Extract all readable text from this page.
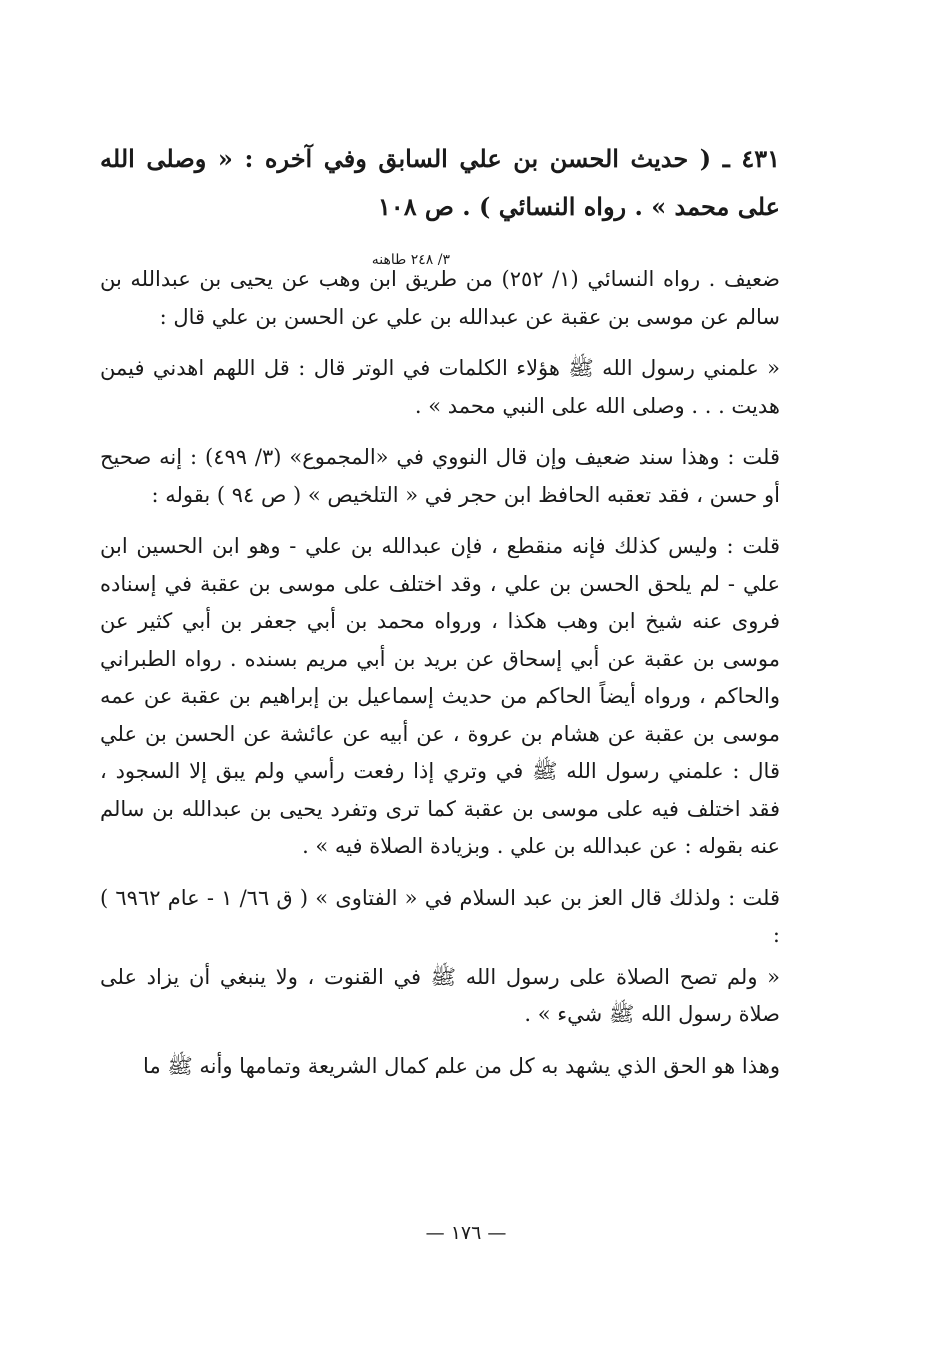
٤٣١ ـ ( حديث الحسن بن علي السابق وفي آخره : « وصلى الله على محمد » . رواه النسائي ) . ص ١٠٨
٣/ ٢٤٨ طاهنه

ضعيف . رواه النسائي (١/ ٢٥٢) من طريق ابن وهب عن يحيى بن عبدالله بن سالم عن موسى بن عقبة عن عبدالله بن علي عن الحسن بن علي قال :

« علمني رسول الله ﷺ هؤلاء الكلمات في الوتر قال : قل اللهم اهدني فيمن هديت . . . وصلى الله على النبي محمد » .

قلت : وهذا سند ضعيف وإن قال النووي في «المجموع» (٣/ ٤٩٩) : إنه صحيح أو حسن ، فقد تعقبه الحافظ ابن حجر في « التلخيص » ( ص ٩٤ ) بقوله :

قلت : وليس كذلك فإنه منقطع ، فإن عبدالله بن علي - وهو ابن الحسين ابن علي - لم يلحق الحسن بن علي ، وقد اختلف على موسى بن عقبة في إسناده فروى عنه شيخ ابن وهب هكذا ، ورواه محمد بن أبي جعفر بن أبي كثير عن موسى بن عقبة عن أبي إسحاق عن بريد بن أبي مريم بسنده . رواه الطبراني والحاكم ، ورواه أيضاً الحاكم من حديث إسماعيل بن إبراهيم بن عقبة عن عمه موسى بن عقبة عن هشام بن عروة ، عن أبيه عن عائشة عن الحسن بن علي قال : علمني رسول الله ﷺ في وتري إذا رفعت رأسي ولم يبق إلا السجود ، فقد اختلف فيه على موسى بن عقبة كما ترى وتفرد يحيى بن عبدالله بن سالم عنه بقوله : عن عبدالله بن علي . وبزيادة الصلاة فيه » .

قلت : ولذلك قال العز بن عبد السلام في « الفتاوى » ( ق ٦٦/ ١ - عام ٦٩٦٢ ) :

« ولم تصح الصلاة على رسول الله ﷺ في القنوت ، ولا ينبغي أن يزاد على صلاة رسول الله ﷺ شيء » .

وهذا هو الحق الذي يشهد به كل من علم كمال الشريعة وتمامها وأنه ﷺ ما

— ١٧٦ —
